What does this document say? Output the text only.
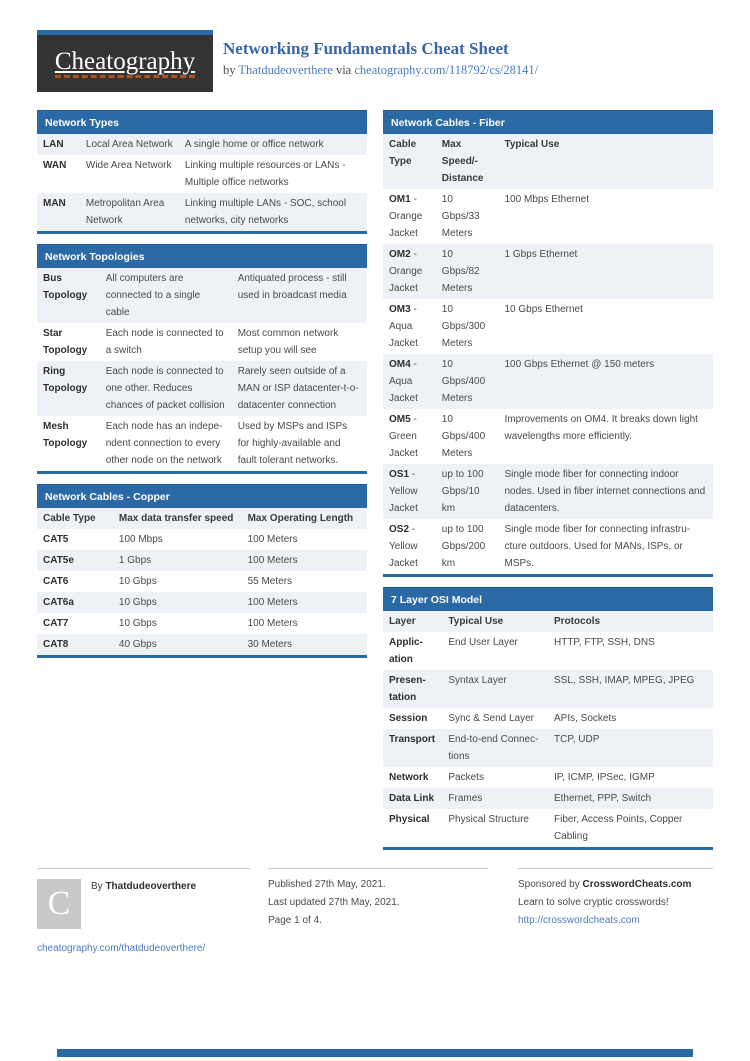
Cheatography Networking Fundamentals Cheat Sheet
by Thatdudeoverthere via cheatography.com/118792/cs/28141/
Network Types
LAN	Local Area Network	A single home or office network
WAN	Wide Area Network	Linking multiple resources or LANs - Multiple office networks
MAN	Metropolitan Area Network	Linking multiple LANs - SOC, school networks, city networks
Network Topologies
Bus Topology	All computers are connected to a single cable	Antiquated process - still used in broadcast media
Star Topology	Each node is connected to a switch	Most common network setup you will see
Ring Topology	Each node is connected to one other. Reduces chances of packet collision	Rarely seen outside of a MAN or ISP datacenter-t-o-datacenter connection
Mesh Topology	Each node has an indepe-ndent connection to every other node on the network	Used by MSPs and ISPs for highly-available and fault tolerant networks.
Network Cables - Copper
Cable Type	Max data transfer speed	Max Operating Length
CAT5	100 Mbps	100 Meters
CAT5e	1 Gbps	100 Meters
CAT6	10 Gbps	55 Meters
CAT6a	10 Gbps	100 Meters
CAT7	10 Gbps	100 Meters
CAT8	40 Gbps	30 Meters
Network Cables - Fiber
Cable Type	Max Speed/- Distance	Typical Use
OM1 - Orange Jacket	10 Gbps/33 Meters	100 Mbps Ethernet
OM2 - Orange Jacket	10 Gbps/82 Meters	1 Gbps Ethernet
OM3 - Aqua Jacket	10 Gbps/300 Meters	10 Gbps Ethernet
OM4 - Aqua Jacket	10 Gbps/400 Meters	100 Gbps Ethernet @ 150 meters
OM5 - Green Jacket	10 Gbps/400 Meters	Improvements on OM4. It breaks down light wavelengths more efficiently.
OS1 - Yellow Jacket	up to 100 Gbps/10 km	Single mode fiber for connecting indoor nodes. Used in fiber internet connections and datacenters.
OS2 - Yellow Jacket	up to 100 Gbps/200 km	Single mode fiber for connecting infrastru-cture outdoors. Used for MANs, ISPs, or MSPs.
7 Layer OSI Model
Layer	Typical Use	Protocols
Applic-ation	End User Layer	HTTP, FTP, SSH, DNS
Presen-tation	Syntax Layer	SSL, SSH, IMAP, MPEG, JPEG
Session	Sync & Send Layer	APIs, Sockets
Transport	End-to-end Connec-tions	TCP, UDP
Network	Packets	IP, ICMP, IPSec, IGMP
Data Link	Frames	Ethernet, PPP, Switch
Physical	Physical Structure	Fiber, Access Points, Copper Cabling
C	By Thatdudeoverthere
cheatography.com/thatdudeoverthere/
Published 27th May, 2021.
Last updated 27th May, 2021.
Page 1 of 4.
Sponsored by CrosswordCheats.com
Learn to solve cryptic crosswords!
http://crosswordcheats.com
